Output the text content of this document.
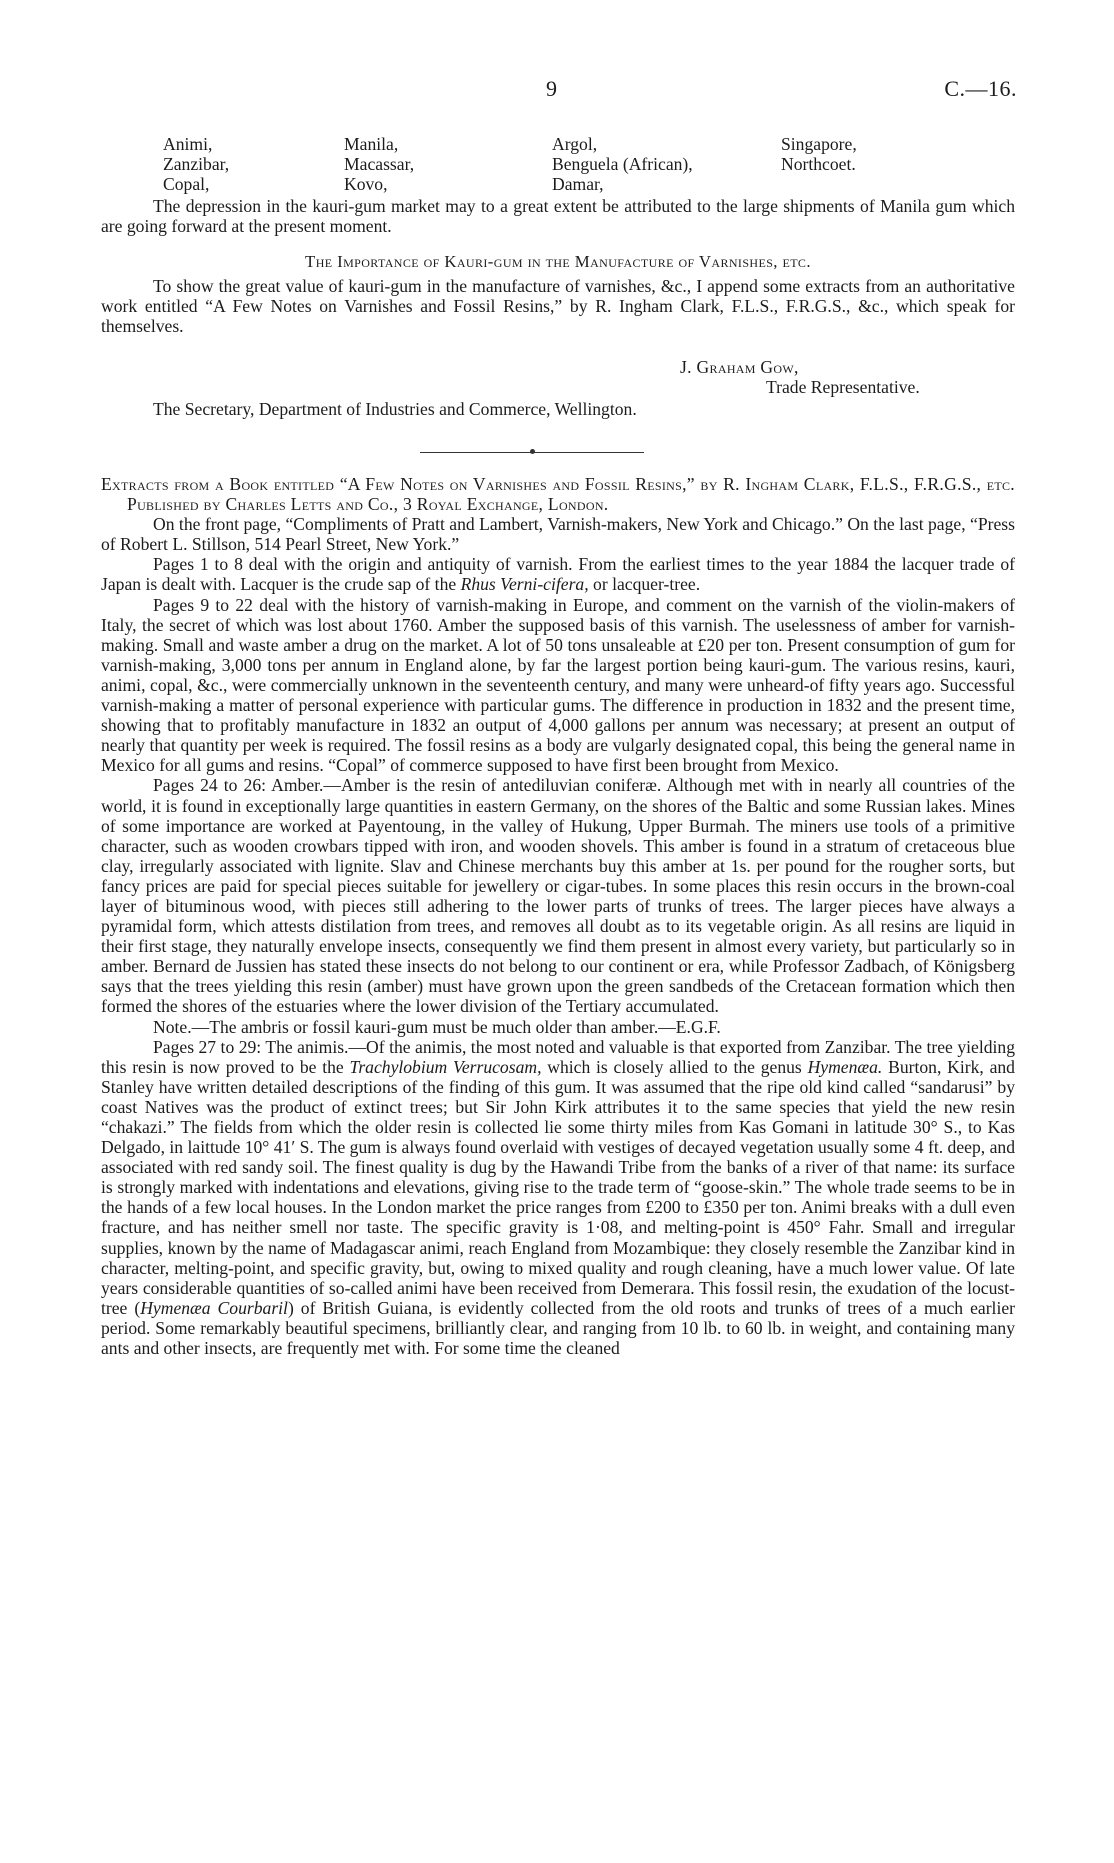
9	C.—16.
Animi,
Zanzibar,
Copal,
Manila,
Macassar,
Kovo,
Argol,
Benguela (African),
Damar,
Singapore,
Northcoet.

The depression in the kauri-gum market may to a great extent be attributed to the large shipments of Manila gum which are going forward at the present moment.

The Importance of Kauri-gum in the Manufacture of Varnishes, etc.

To show the great value of kauri-gum in the manufacture of varnishes, &c., I append some extracts from an authoritative work entitled “A Few Notes on Varnishes and Fossil Resins,” by R. Ingham Clark, F.L.S., F.R.G.S., &c., which speak for themselves.

J. Graham Gow,
Trade Representative.
The Secretary, Department of Industries and Commerce, Wellington.

Extracts from a Book entitled “A Few Notes on Varnishes and Fossil Resins,” by R. Ingham Clark, F.L.S., F.R.G.S., etc. Published by Charles Letts and Co., 3 Royal Exchange, London.

On the front page, “Compliments of Pratt and Lambert, Varnish-makers, New York and Chicago.” On the last page, “Press of Robert L. Stillson, 514 Pearl Street, New York.”

Pages 1 to 8 deal with the origin and antiquity of varnish. From the earliest times to the year 1884 the lacquer trade of Japan is dealt with. Lacquer is the crude sap of the Rhus Verni-cifera, or lacquer-tree.

Pages 9 to 22 deal with the history of varnish-making in Europe, and comment on the varnish of the violin-makers of Italy, the secret of which was lost about 1760. Amber the supposed basis of this varnish. The uselessness of amber for varnish-making. Small and waste amber a drug on the market. A lot of 50 tons unsaleable at £20 per ton. Present consumption of gum for varnish-making, 3,000 tons per annum in England alone, by far the largest portion being kauri-gum. The various resins, kauri, animi, copal, &c., were commercially unknown in the seventeenth century, and many were unheard-of fifty years ago. Successful varnish-making a matter of personal experience with particular gums. The difference in production in 1832 and the present time, showing that to profitably manufacture in 1832 an output of 4,000 gallons per annum was necessary; at present an output of nearly that quantity per week is required. The fossil resins as a body are vulgarly designated copal, this being the general name in Mexico for all gums and resins. “Copal” of commerce supposed to have first been brought from Mexico.

Pages 24 to 26: Amber.—Amber is the resin of antediluvian coniferæ. Although met with in nearly all countries of the world, it is found in exceptionally large quantities in eastern Germany, on the shores of the Baltic and some Russian lakes. Mines of some importance are worked at Payentoung, in the valley of Hukung, Upper Burmah. The miners use tools of a primitive character, such as wooden crowbars tipped with iron, and wooden shovels. This amber is found in a stratum of cretaceous blue clay, irregularly associated with lignite. Slav and Chinese merchants buy this amber at 1s. per pound for the rougher sorts, but fancy prices are paid for special pieces suitable for jewellery or cigar-tubes. In some places this resin occurs in the brown-coal layer of bituminous wood, with pieces still adhering to the lower parts of trunks of trees. The larger pieces have always a pyramidal form, which attests distilation from trees, and removes all doubt as to its vegetable origin. As all resins are liquid in their first stage, they naturally envelope insects, consequently we find them present in almost every variety, but particularly so in amber. Bernard de Jussien has stated these insects do not belong to our continent or era, while Professor Zadbach, of Königsberg says that the trees yielding this resin (amber) must have grown upon the green sandbeds of the Cretacean formation which then formed the shores of the estuaries where the lower division of the Tertiary accumulated.

Note.—The ambris or fossil kauri-gum must be much older than amber.—E.G.F.

Pages 27 to 29: The animis.—Of the animis, the most noted and valuable is that exported from Zanzibar. The tree yielding this resin is now proved to be the Trachylobium Verrucosam, which is closely allied to the genus Hymenæa. Burton, Kirk, and Stanley have written detailed descriptions of the finding of this gum. It was assumed that the ripe old kind called “sandarusi” by coast Natives was the product of extinct trees; but Sir John Kirk attributes it to the same species that yield the new resin “chakazi.” The fields from which the older resin is collected lie some thirty miles from Kas Gomani in latitude 30° S., to Kas Delgado, in laittude 10° 41′ S. The gum is always found overlaid with vestiges of decayed vegetation usually some 4 ft. deep, and associated with red sandy soil. The finest quality is dug by the Hawandi Tribe from the banks of a river of that name: its surface is strongly marked with indentations and elevations, giving rise to the trade term of “goose-skin.” The whole trade seems to be in the hands of a few local houses. In the London market the price ranges from £200 to £350 per ton. Animi breaks with a dull even fracture, and has neither smell nor taste. The specific gravity is 1·08, and melting-point is 450° Fahr. Small and irregular supplies, known by the name of Madagascar animi, reach England from Mozambique: they closely resemble the Zanzibar kind in character, melting-point, and specific gravity, but, owing to mixed quality and rough cleaning, have a much lower value. Of late years considerable quantities of so-called animi have been received from Demerara. This fossil resin, the exudation of the locust-tree (Hymenæa Courbaril) of British Guiana, is evidently collected from the old roots and trunks of trees of a much earlier period. Some remarkably beautiful specimens, brilliantly clear, and ranging from 10 lb. to 60 lb. in weight, and containing many ants and other insects, are frequently met with. For some time the cleaned
